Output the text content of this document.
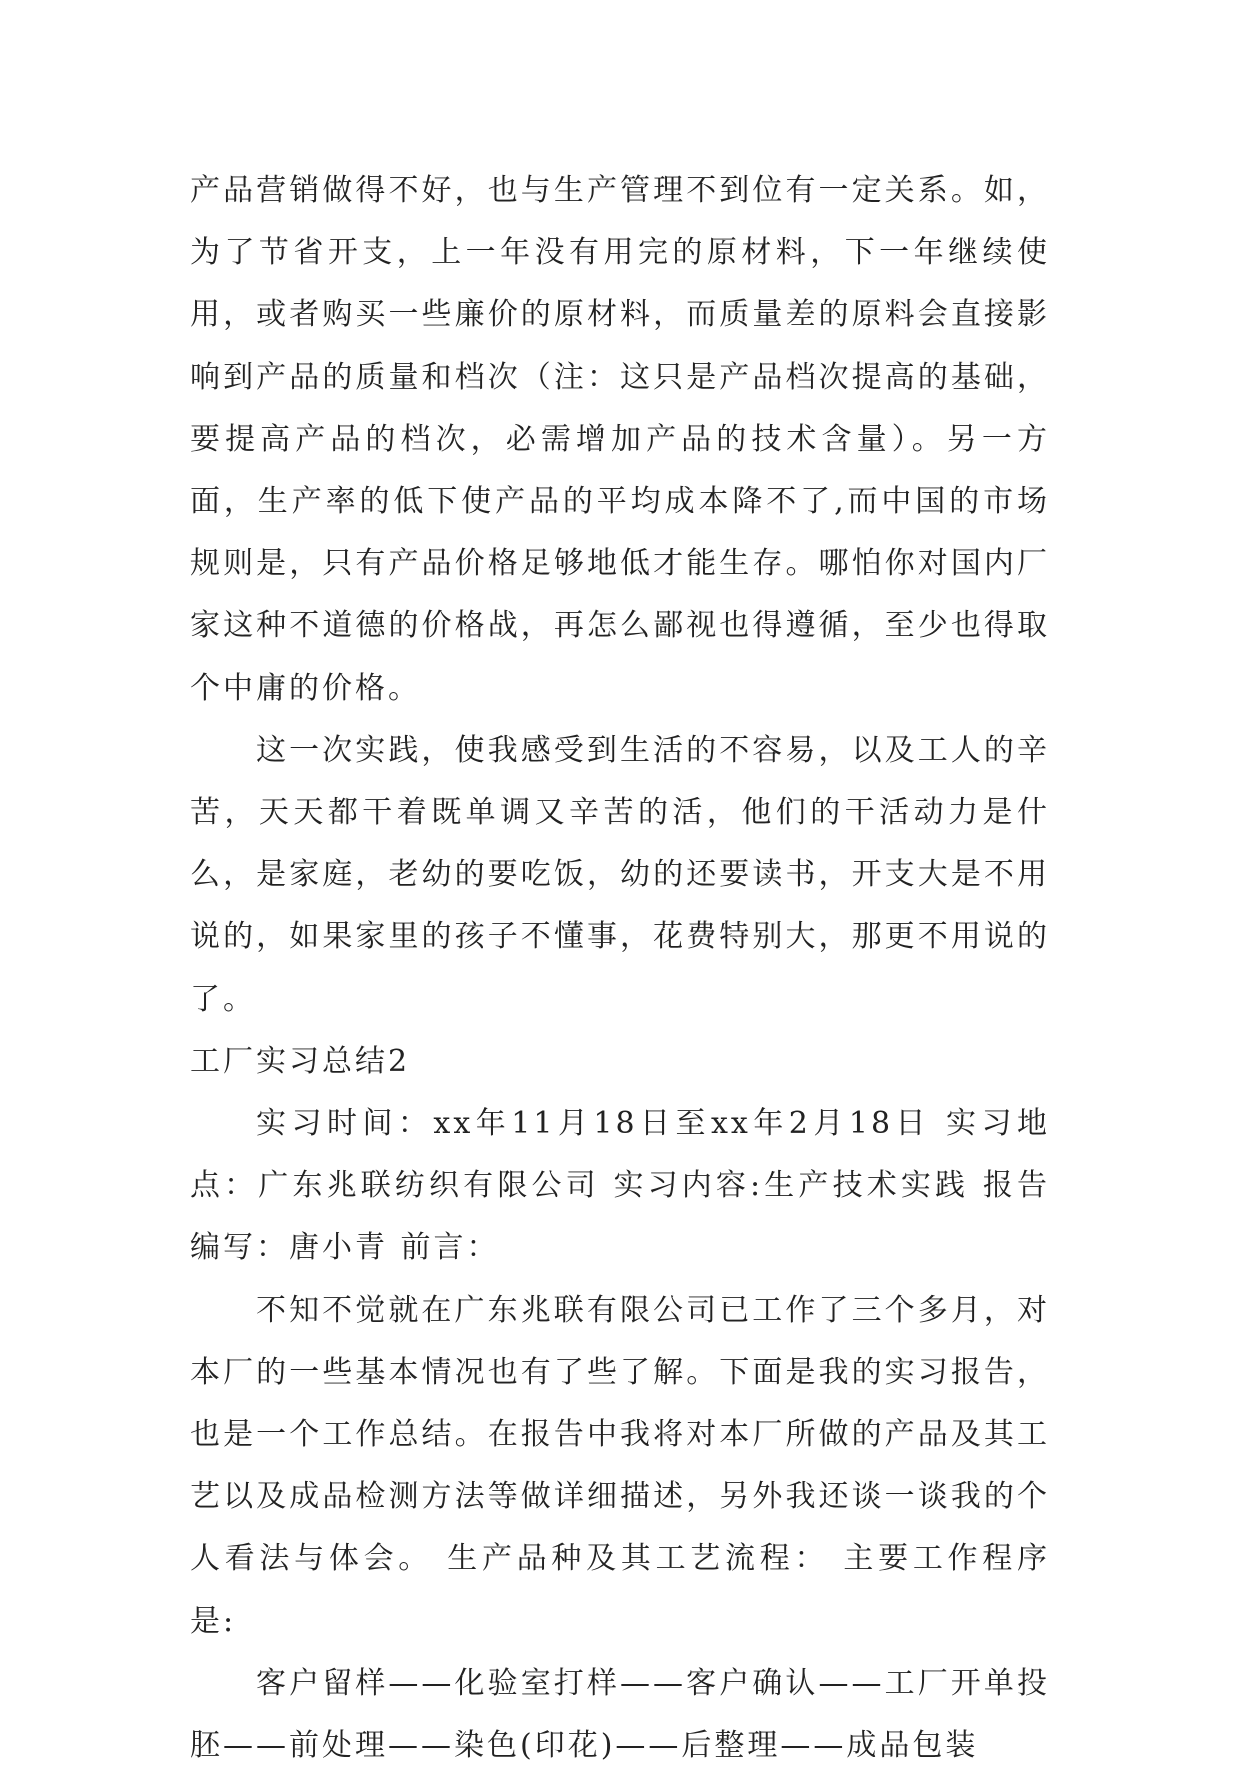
产品营销做得不好，也与生产管理不到位有一定关系。如，为了节省开支，上一年没有用完的原材料，下一年继续使用，或者购买一些廉价的原材料，而质量差的原料会直接影响到产品的质量和档次（注：这只是产品档次提高的基础，要提高产品的档次，必需增加产品的技术含量）。另一方面，生产率的低下使产品的平均成本降不了,而中国的市场规则是，只有产品价格足够地低才能生存。哪怕你对国内厂家这种不道德的价格战，再怎么鄙视也得遵循，至少也得取个中庸的价格。

这一次实践，使我感受到生活的不容易，以及工人的辛苦，天天都干着既单调又辛苦的活，他们的干活动力是什么，是家庭，老幼的要吃饭，幼的还要读书，开支大是不用说的，如果家里的孩子不懂事，花费特别大，那更不用说的了。

工厂实习总结2

实习时间：xx年11月18日至xx年2月18日 实习地点：广东兆联纺织有限公司 实习内容:生产技术实践 报告编写：唐小青 前言：

不知不觉就在广东兆联有限公司已工作了三个多月，对本厂的一些基本情况也有了些了解。下面是我的实习报告，也是一个工作总结。在报告中我将对本厂所做的产品及其工艺以及成品检测方法等做详细描述，另外我还谈一谈我的个人看法与体会。 生产品种及其工艺流程： 主要工作程序是:

客户留样——化验室打样——客户确认——工厂开单投胚——前处理——染色(印花)——后整理——成品包装
